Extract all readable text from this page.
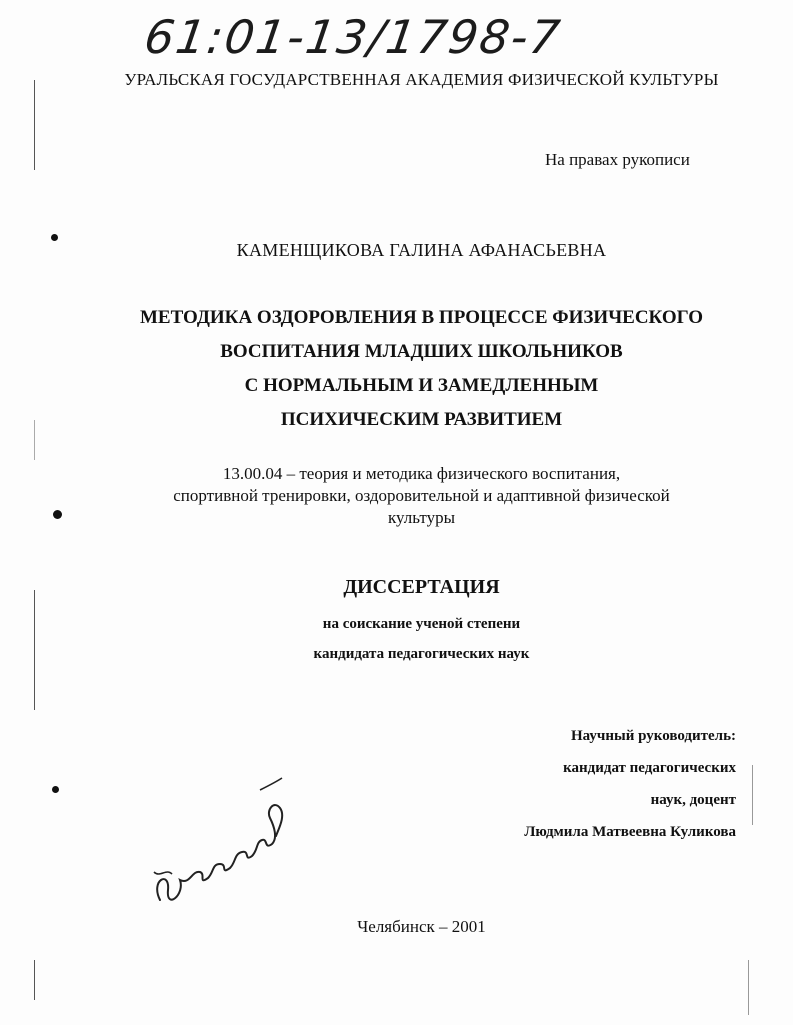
61:01-13/1798-7
УРАЛЬСКАЯ ГОСУДАРСТВЕННАЯ АКАДЕМИЯ ФИЗИЧЕСКОЙ КУЛЬТУРЫ
На правах рукописи
КАМЕНЩИКОВА ГАЛИНА АФАНАСЬЕВНА
МЕТОДИКА ОЗДОРОВЛЕНИЯ В ПРОЦЕССЕ ФИЗИЧЕСКОГО
ВОСПИТАНИЯ МЛАДШИХ ШКОЛЬНИКОВ
С НОРМАЛЬНЫМ И ЗАМЕДЛЕННЫМ
ПСИХИЧЕСКИМ РАЗВИТИЕМ
13.00.04 – теория и методика физического воспитания,
спортивной тренировки, оздоровительной и адаптивной физической
культуры
ДИССЕРТАЦИЯ
на соискание ученой степени
кандидата педагогических наук
Научный руководитель:
кандидат педагогических
наук, доцент
Людмила Матвеевна Куликова
Челябинск – 2001
